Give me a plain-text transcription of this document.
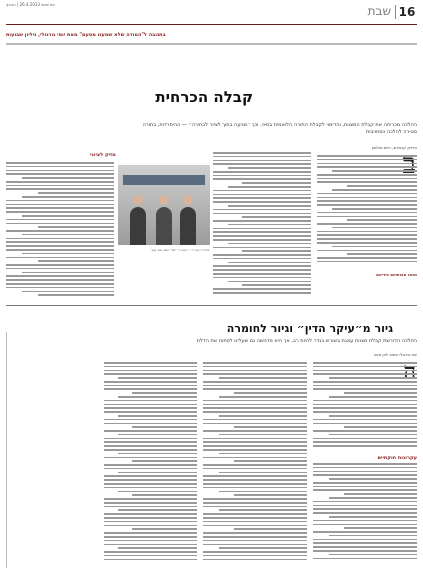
יום שישי 26.4.2013 | הארץ	שבת 16
בתגובה ל"המודה שלא שמענו מטעם" מאת יוסי גורגולי, גיליון שבועות
קבלה הכרחית
ההלכה מכריחה את קבלת המצוות, והדימוי לקבלת התורה הלאומית בסיני, וכך ״מגיעה בתוך לציור לבחירה״ — ההיפרדות, בתורה סטירה להלכה כמחויבות
אייזיק קרמרס, חיים סולמון
מנהג אבותיהם בידיהם
חזית ה״אש״ה״ / שאני ר״יזוס״ ושם: סטי עוזר
מזיק לציוני
גיור מ״עיקר הדין״ וגיור לחומרה
החלכה הדורשת קבלת מצוות עוגנת בשורש בגדר להיות רב, אך היא מדגישה גם שעלינו לפתוח את הדלת
יוסי גורגולי משיב לבן וזאב
עקרונות חוקתיים
